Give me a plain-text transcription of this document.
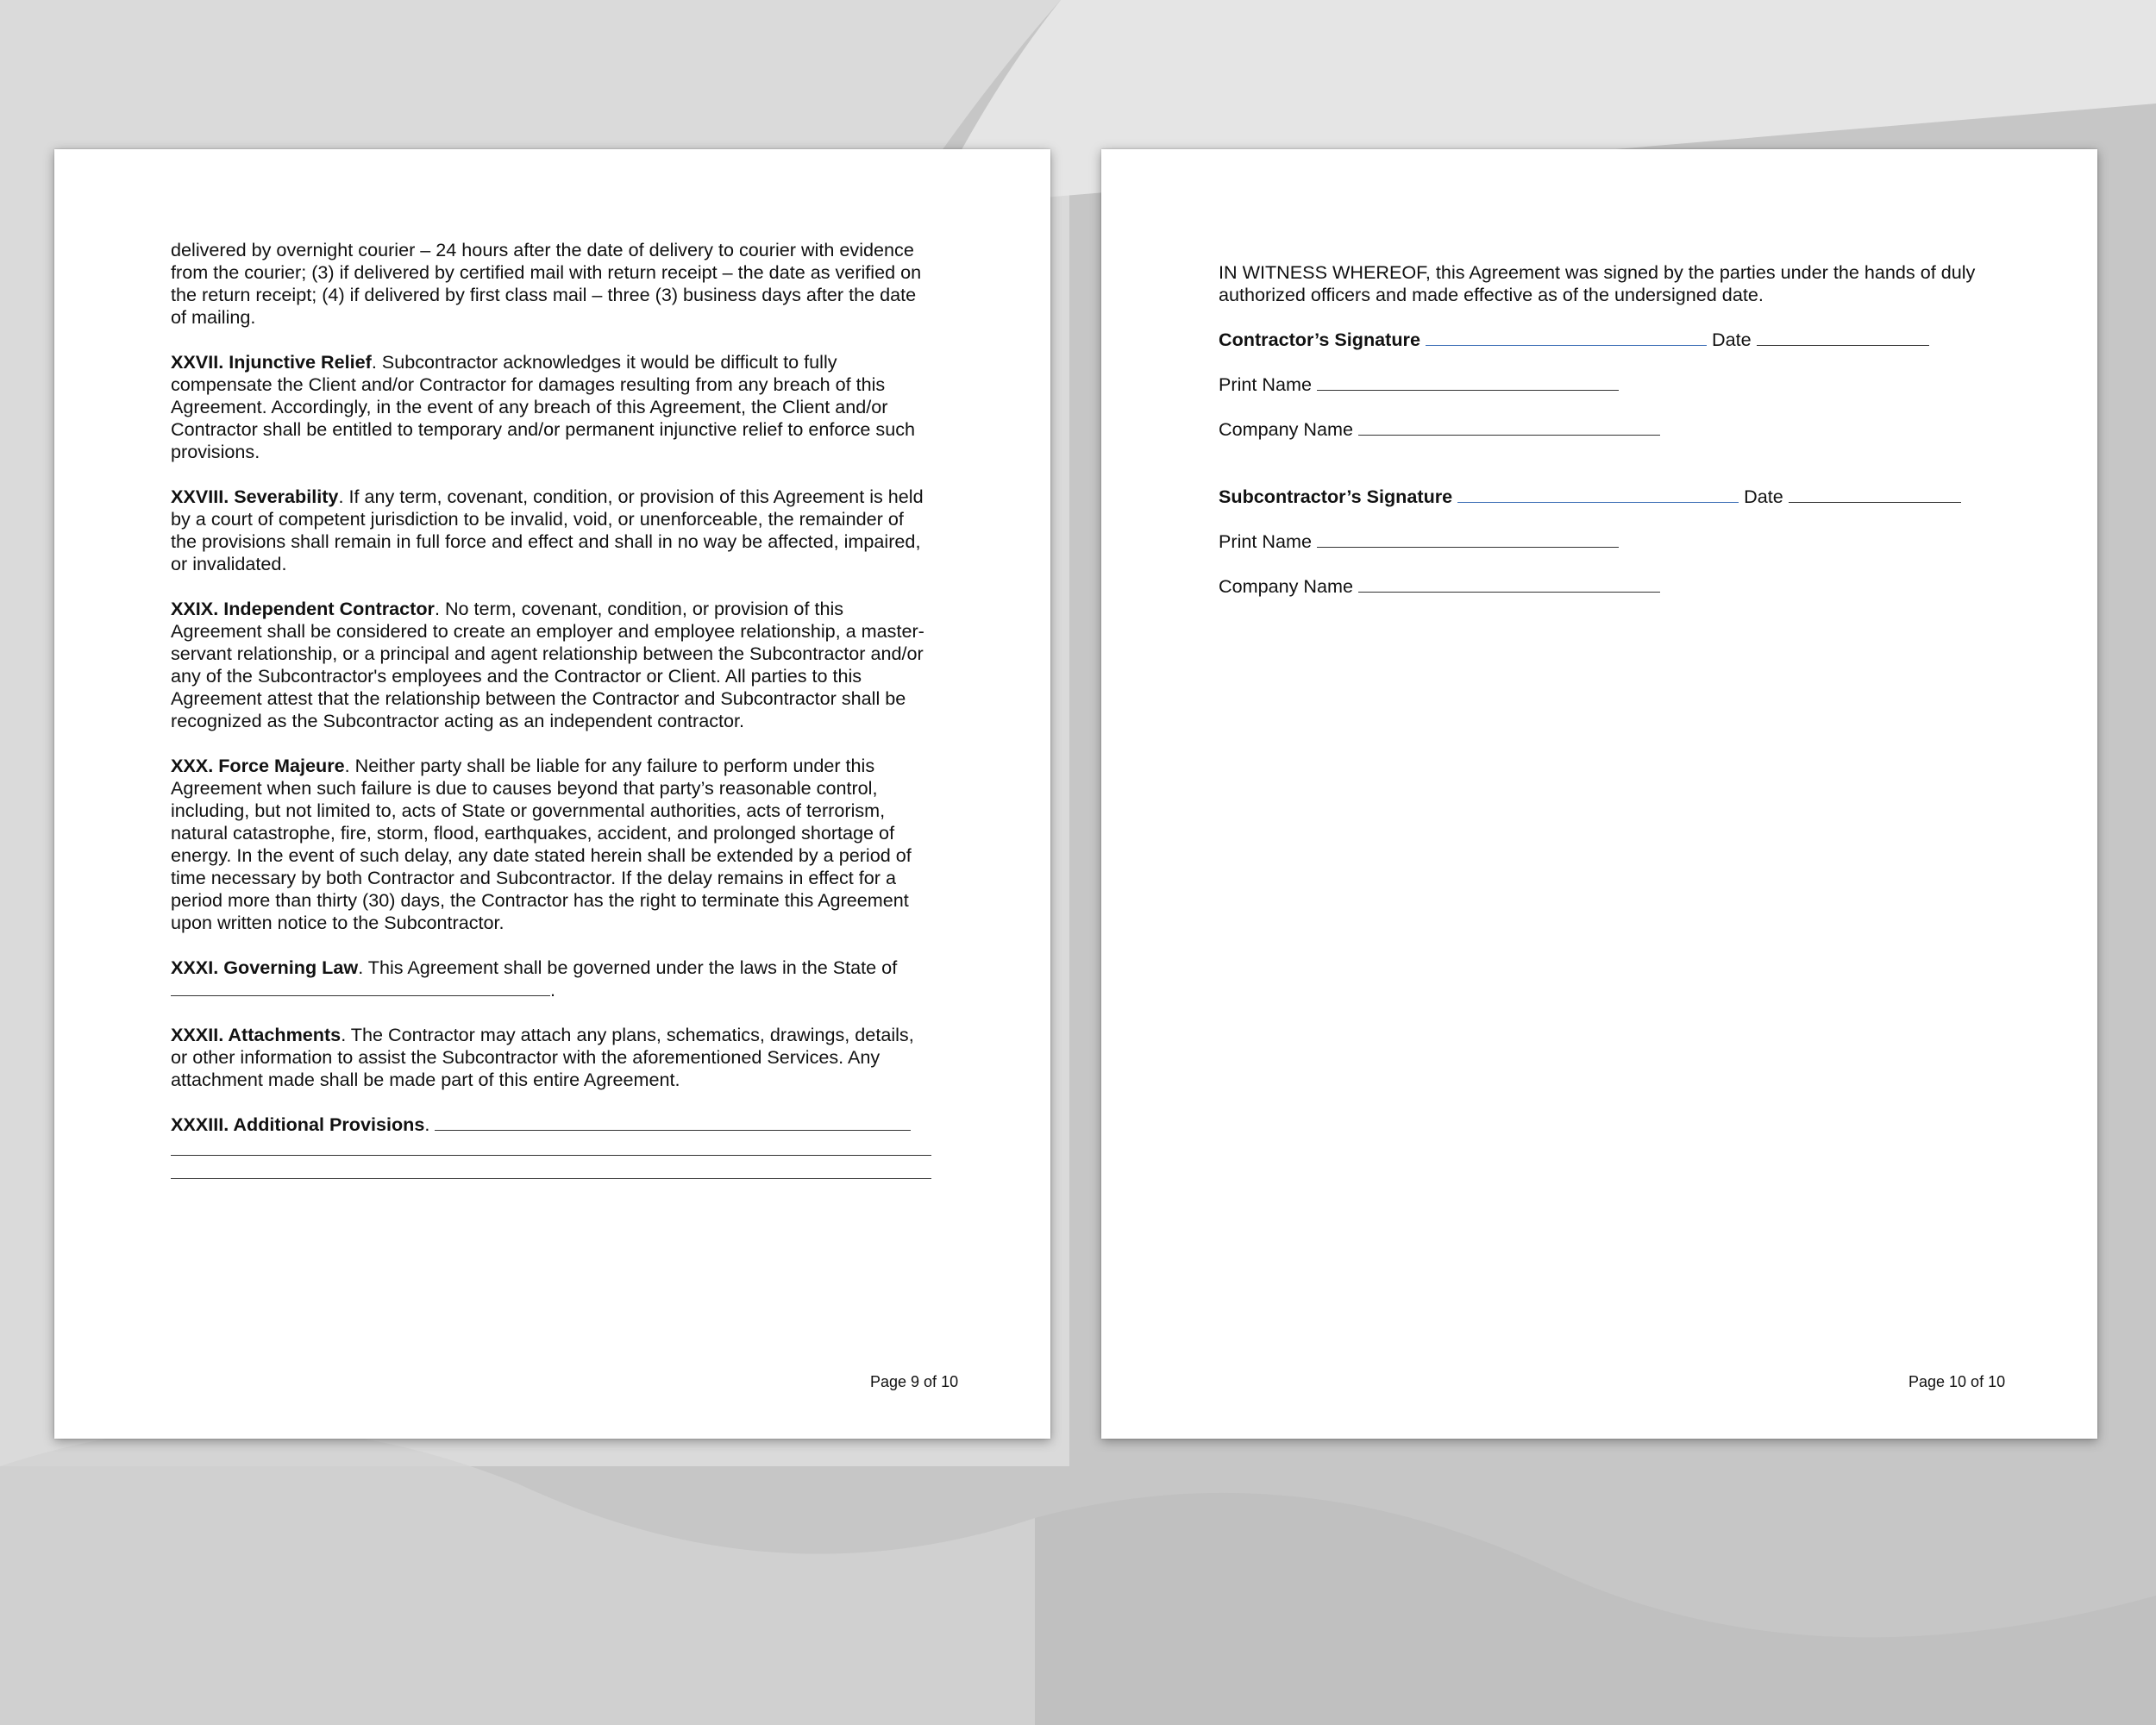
delivered by overnight courier – 24 hours after the date of delivery to courier with evidence from the courier; (3) if delivered by certified mail with return receipt – the date as verified on the return receipt; (4) if delivered by first class mail – three (3) business days after the date of mailing.

XXVII. Injunctive Relief. Subcontractor acknowledges it would be difficult to fully compensate the Client and/or Contractor for damages resulting from any breach of this Agreement. Accordingly, in the event of any breach of this Agreement, the Client and/or Contractor shall be entitled to temporary and/or permanent injunctive relief to enforce such provisions.

XXVIII. Severability. If any term, covenant, condition, or provision of this Agreement is held by a court of competent jurisdiction to be invalid, void, or unenforceable, the remainder of the provisions shall remain in full force and effect and shall in no way be affected, impaired, or invalidated.

XXIX. Independent Contractor. No term, covenant, condition, or provision of this Agreement shall be considered to create an employer and employee relationship, a master-servant relationship, or a principal and agent relationship between the Subcontractor and/or any of the Subcontractor's employees and the Contractor or Client. All parties to this Agreement attest that the relationship between the Contractor and Subcontractor shall be recognized as the Subcontractor acting as an independent contractor.

XXX. Force Majeure. Neither party shall be liable for any failure to perform under this Agreement when such failure is due to causes beyond that party’s reasonable control, including, but not limited to, acts of State or governmental authorities, acts of terrorism, natural catastrophe, fire, storm, flood, earthquakes, accident, and prolonged shortage of energy. In the event of such delay, any date stated herein shall be extended by a period of time necessary by both Contractor and Subcontractor. If the delay remains in effect for a period more than thirty (30) days, the Contractor has the right to terminate this Agreement upon written notice to the Subcontractor.

XXXI. Governing Law. This Agreement shall be governed under the laws in the State of .

XXXII. Attachments. The Contractor may attach any plans, schematics, drawings, details, or other information to assist the Subcontractor with the aforementioned Services. Any attachment made shall be made part of this entire Agreement.

XXXIII. Additional Provisions.
Page 9 of 10

IN WITNESS WHEREOF, this Agreement was signed by the parties under the hands of duly authorized officers and made effective as of the undersigned date.

Contractor’s Signature	Date

Print Name

Company Name

Subcontractor’s Signature	Date

Print Name

Company Name

Page 10 of 10
